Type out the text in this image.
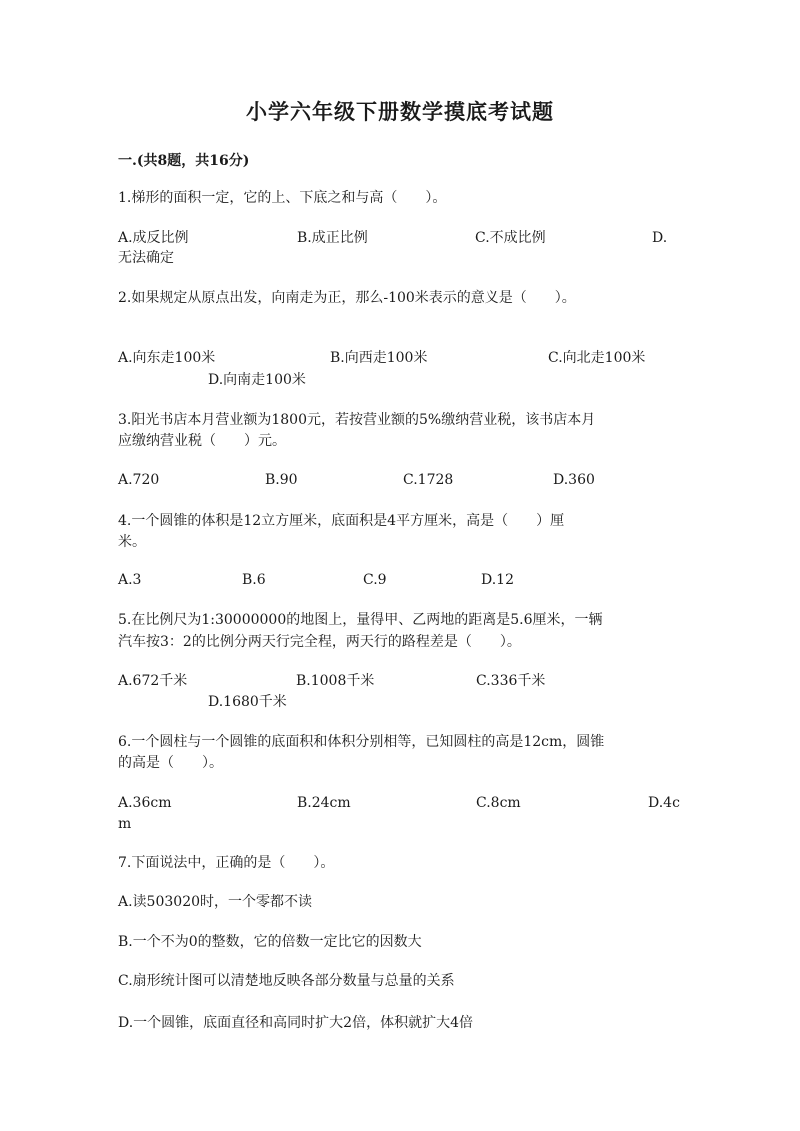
小学六年级下册数学摸底考试题
一.(共8题，共16分)
1.梯形的面积一定，它的上、下底之和与高（　　）。
A.成反比例	B.成正比例	C.不成比例	D.
无法确定
2.如果规定从原点出发，向南走为正，那么-100米表示的意义是（　　）。
A.向东走100米	B.向西走100米	C.向北走100米
D.向南走100米
3.阳光书店本月营业额为1800元，若按营业额的5%缴纳营业税，该书店本月
应缴纳营业税（　　）元。
A.720	B.90	C.1728	D.360
4.一个圆锥的体积是12立方厘米，底面积是4平方厘米，高是（　　）厘
米。
A.3	B.6	C.9	D.12
5.在比例尺为1:30000000的地图上，量得甲、乙两地的距离是5.6厘米，一辆
汽车按3：2的比例分两天行完全程，两天行的路程差是（　　）。
A.672千米	B.1008千米	C.336千米
D.1680千米
6.一个圆柱与一个圆锥的底面积和体积分别相等，已知圆柱的高是12cm，圆锥
的高是（　　）。
A.36cm	B.24cm	C.8cm	D.4c
m
7.下面说法中，正确的是（　　）。
A.读503020时，一个零都不读
B.一个不为0的整数，它的倍数一定比它的因数大
C.扇形统计图可以清楚地反映各部分数量与总量的关系
D.一个圆锥，底面直径和高同时扩大2倍，体积就扩大4倍
